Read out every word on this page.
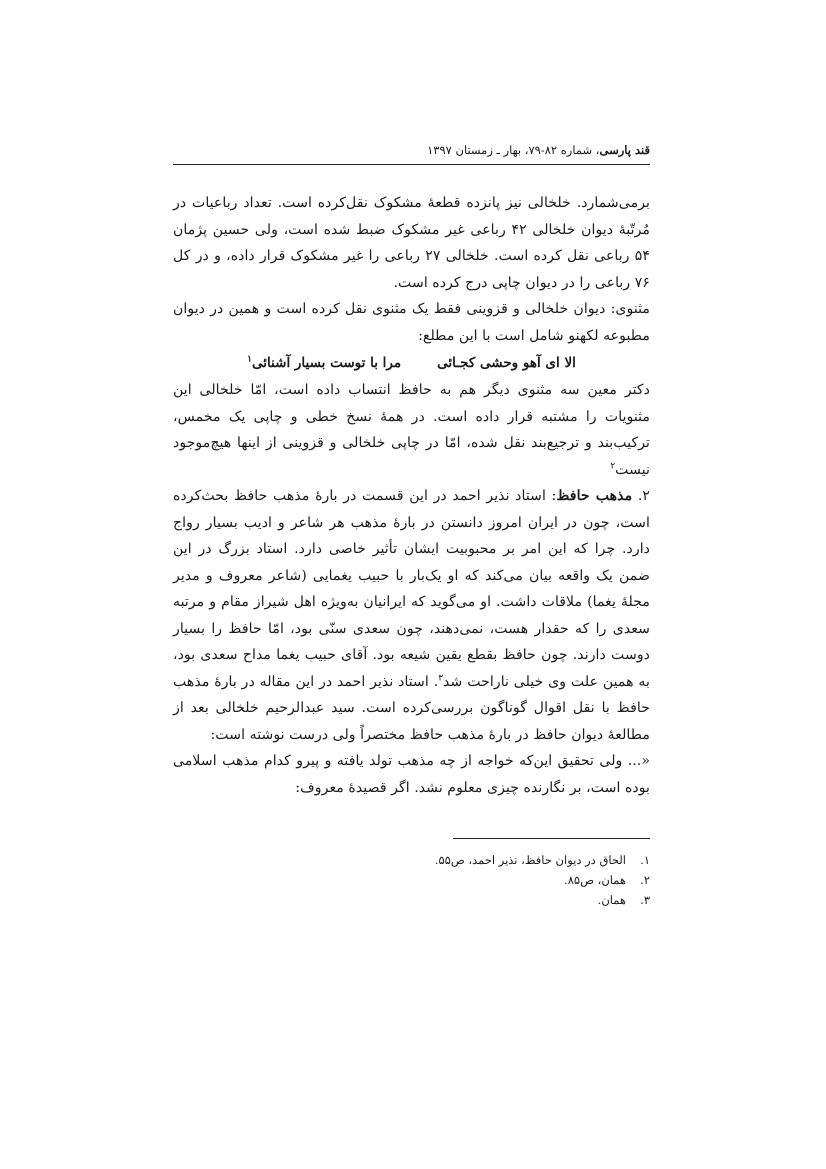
قند پارسی، شماره ۸۲-۷۹، بهار ـ زمستان ۱۳۹۷

برمی‌شمارد. خلخالی نیز پانزده قطعهٔ مشکوک نقل‌کرده است. تعداد رباعیات در مُرتّبهٔ دیوان خلخالی ۴۲ رباعی غیر مشکوک ضبط شده است، ولی حسین پژمان ۵۴ رباعی نقل کرده است. خلخالی ۲۷ رباعی را غیر مشکوک قرار داده، و در کل ۷۶ رباعی را در دیوان چاپی درج کرده است.

مثنوی: دیوان خلخالی و قزوینی فقط یک مثنوی نقل کرده است و همین در دیوان مطبوعه لکهنو شامل است با این مطلع:

الا ای آهو وحشی کجـائیمرا با توست بسیار آشنائی$^۱$

دکتر معین سه مثنوی دیگر هم به حافظ انتساب داده است، امّا خلخالی این مثنویات را مشتبه قرار داده است. در همهٔ نسخ خطی و چاپی یک مخمس، ترکیب‌بند و ترجیع‌بند نقل شده، امّا در چاپی خلخالی و قزوینی از اینها هیچ‌موجود نیست$^۲$

۲. مذهب حافظ: استاد نذیر احمد در این قسمت در بارهٔ مذهب حافظ بحث‌کرده است، چون در ایران امروز دانستن در بارهٔ مذهب هر شاعر و ادیب بسیار رواج دارد. چرا که این امر بر محبوبیت ایشان تأثیر خاصی دارد. استاد بزرگ در این ضمن یک واقعه بیان می‌کند که او یک‌بار با حبیب یغمایی (شاعر معروف و مدیر مجلهٔ یغما) ملاقات داشت. او می‌گوید که ایرانیان به‌ویژه اهل شیراز مقام و مرتبه سعدی را که حقدار هست، نمی‌دهند، چون سعدی سنّی بود، امّا حافظ را بسیار دوست دارند. چون حافظ بقطع یقین شیعه بود. آقای حبیب یغما مداح سعدی بود، به همین علت وی خیلی ناراحت شد$^۳$. استاد نذیر احمد در این مقاله در بارهٔ مذهب حافظ با نقل اقوال گوناگون بررسی‌کرده است. سید عبدالرحیم خلخالی بعد از مطالعهٔ دیوان حافظ در بارهٔ مذهب حافظ مختصراً ولی درست نوشته است:

«... ولی تحقیق این‌که خواجه از چه مذهب تولد یافته و پیرو کدام مذهب اسلامی بوده است، بر نگارنده چیزی معلوم نشد. اگر قصیدهٔ معروف:

۱.الحاق در دیوان حافظ، نذیر احمد، ص۵۵.
۲.همان، ص۸۵.
۳.همان.
